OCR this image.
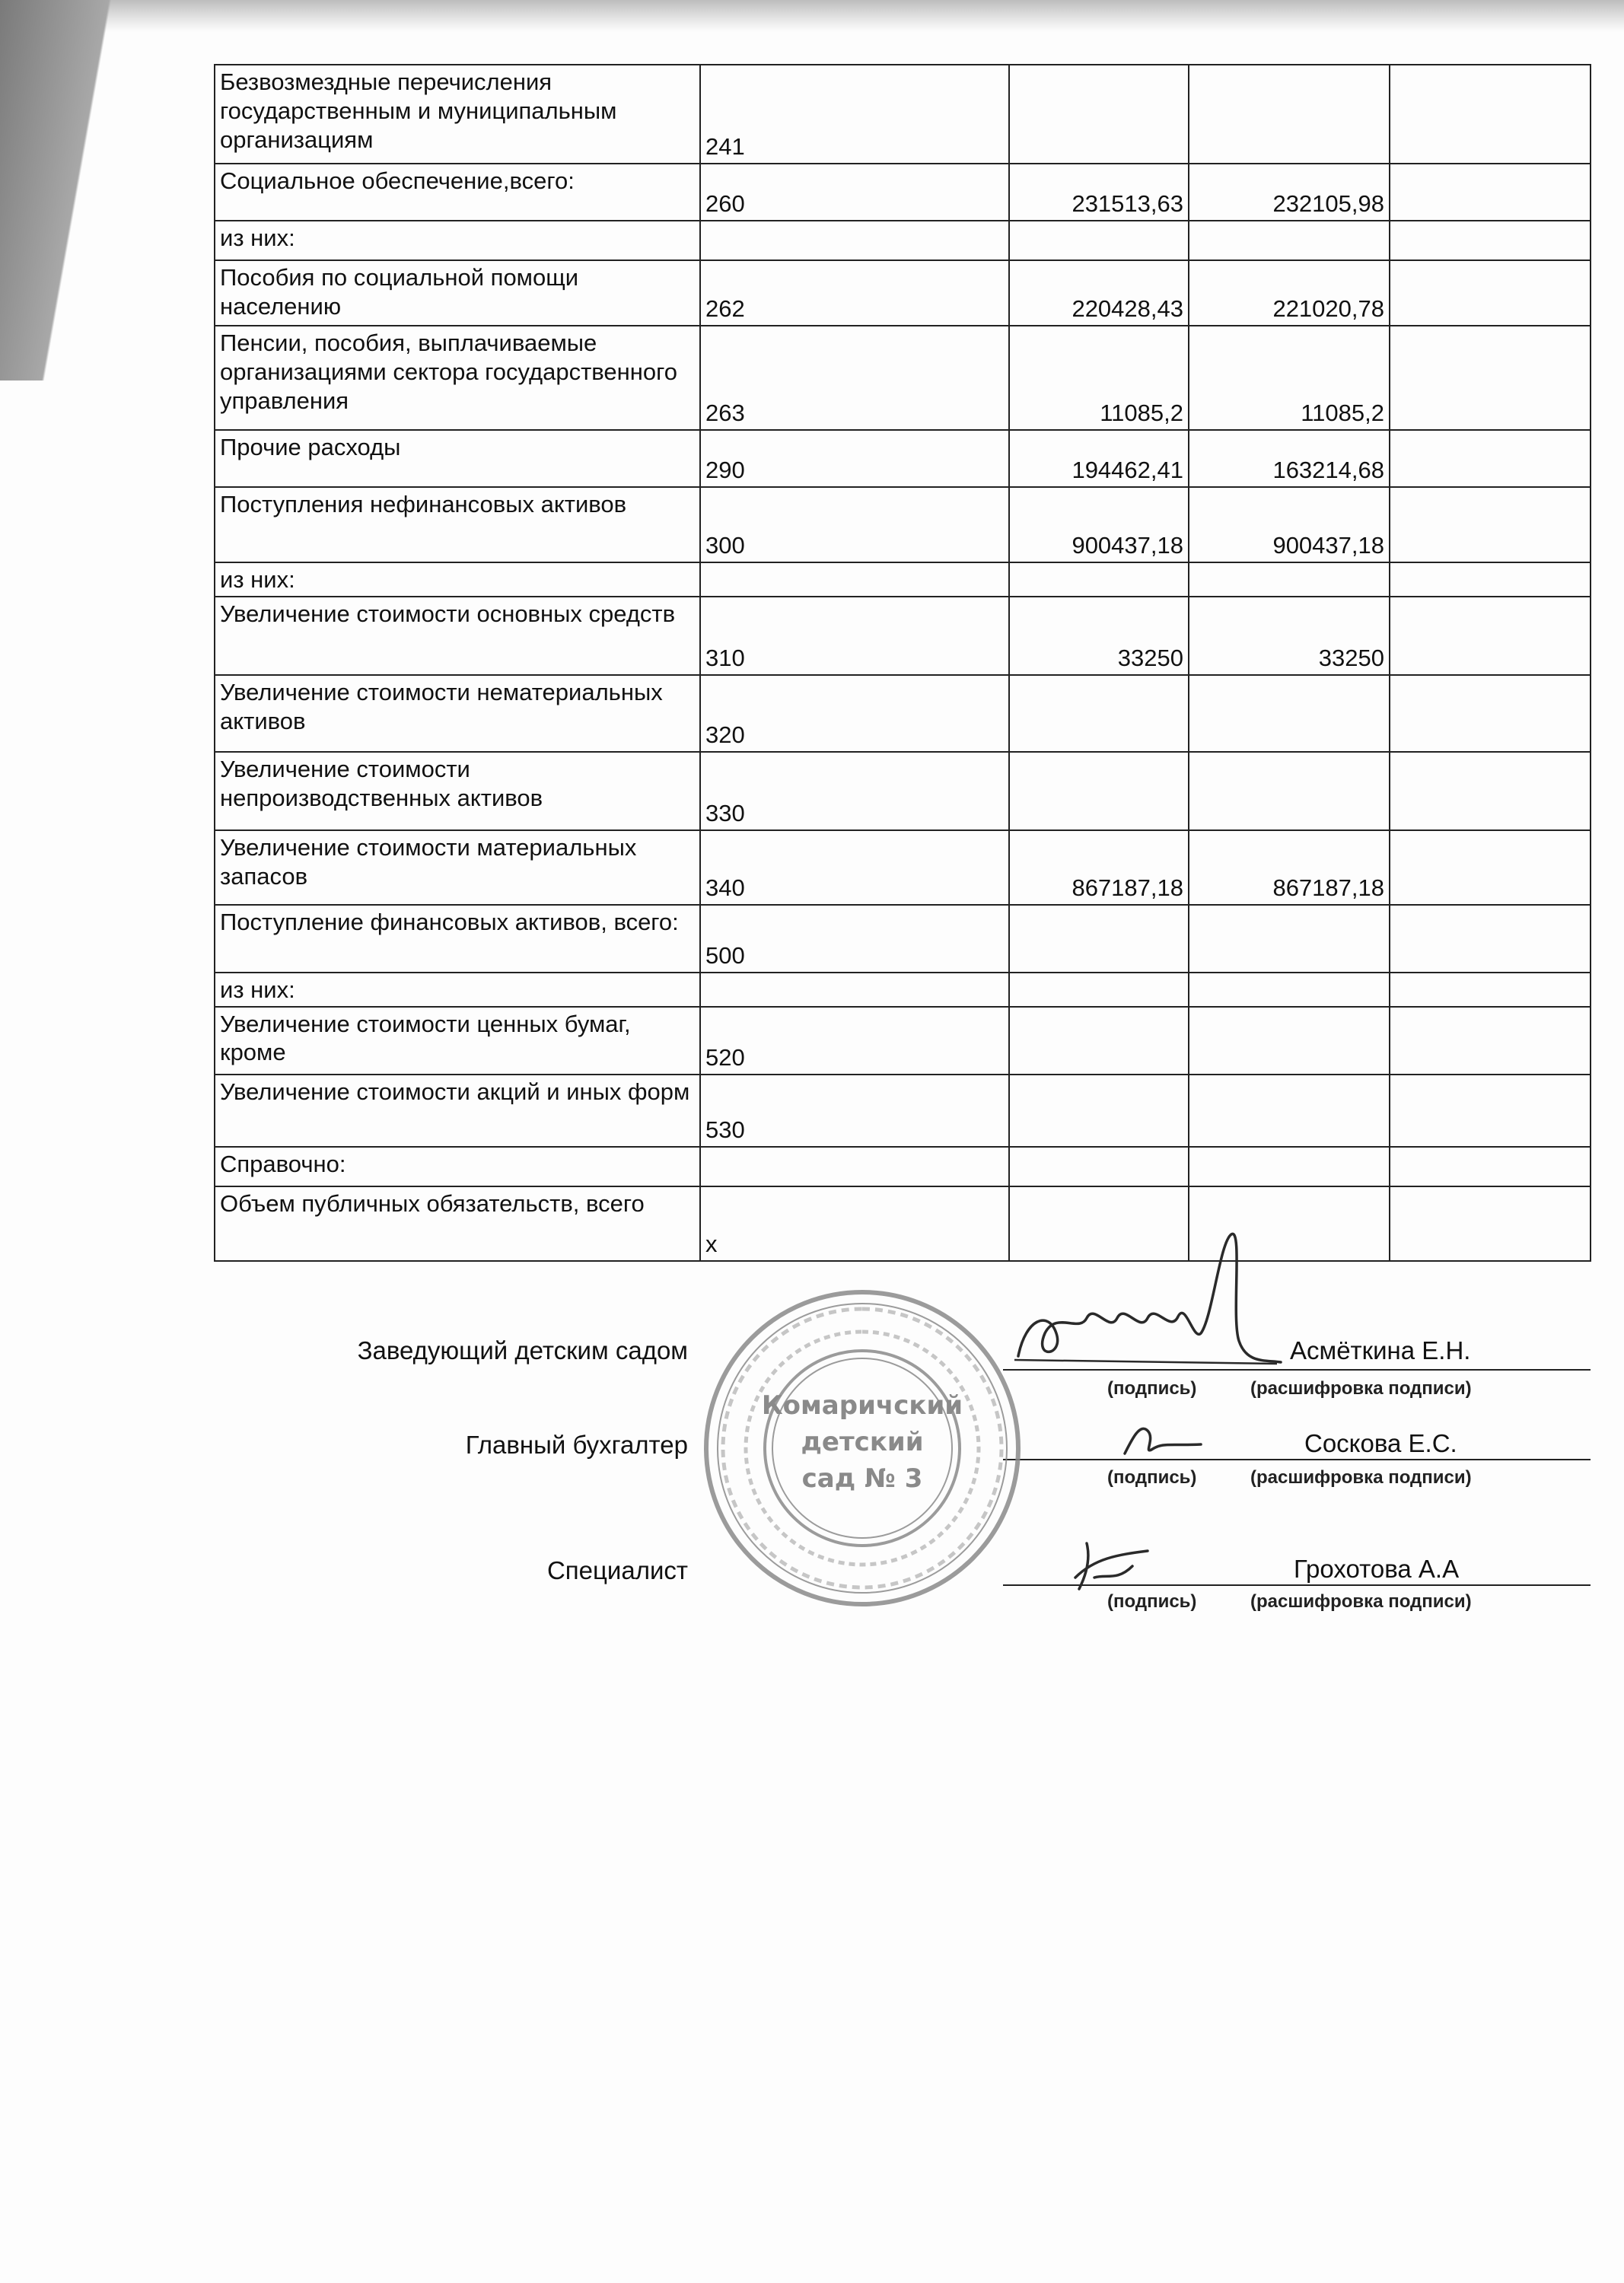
Безвозмездные перечисления государственным и муниципальным организациям	241			
Социальное обеспечение,всего:	260	231513,63	232105,98	
из них:				
Пособия по социальной помощи населению	262	220428,43	221020,78	
Пенсии, пособия, выплачиваемые организациями сектора государственного управления	263	11085,2	11085,2	
Прочие расходы	290	194462,41	163214,68	
Поступления нефинансовых активов	300	900437,18	900437,18	
из них:				
Увеличение стоимости основных средств	310	33250	33250	
Увеличение стоимости нематериальных активов	320			
Увеличение стоимости непроизводственных активов	330			
Увеличение стоимости материальных запасов	340	867187,18	867187,18	
Поступление финансовых активов, всего:	500			
из них:				
Увеличение стоимости ценных бумаг, кроме	520			
Увеличение стоимости акций и иных форм	530			
Справочно:				
Объем публичных обязательств, всего	х			
Заведующий детским садом	Асмёткина Е.Н.
(подпись)	(расшифровка подписи)
Главный бухгалтер	Соскова Е.С.
(подпись)	(расшифровка подписи)
Специалист	Грохотова А.А
(подпись)	(расшифровка подписи)
Комаричский
детский
сад № 3
